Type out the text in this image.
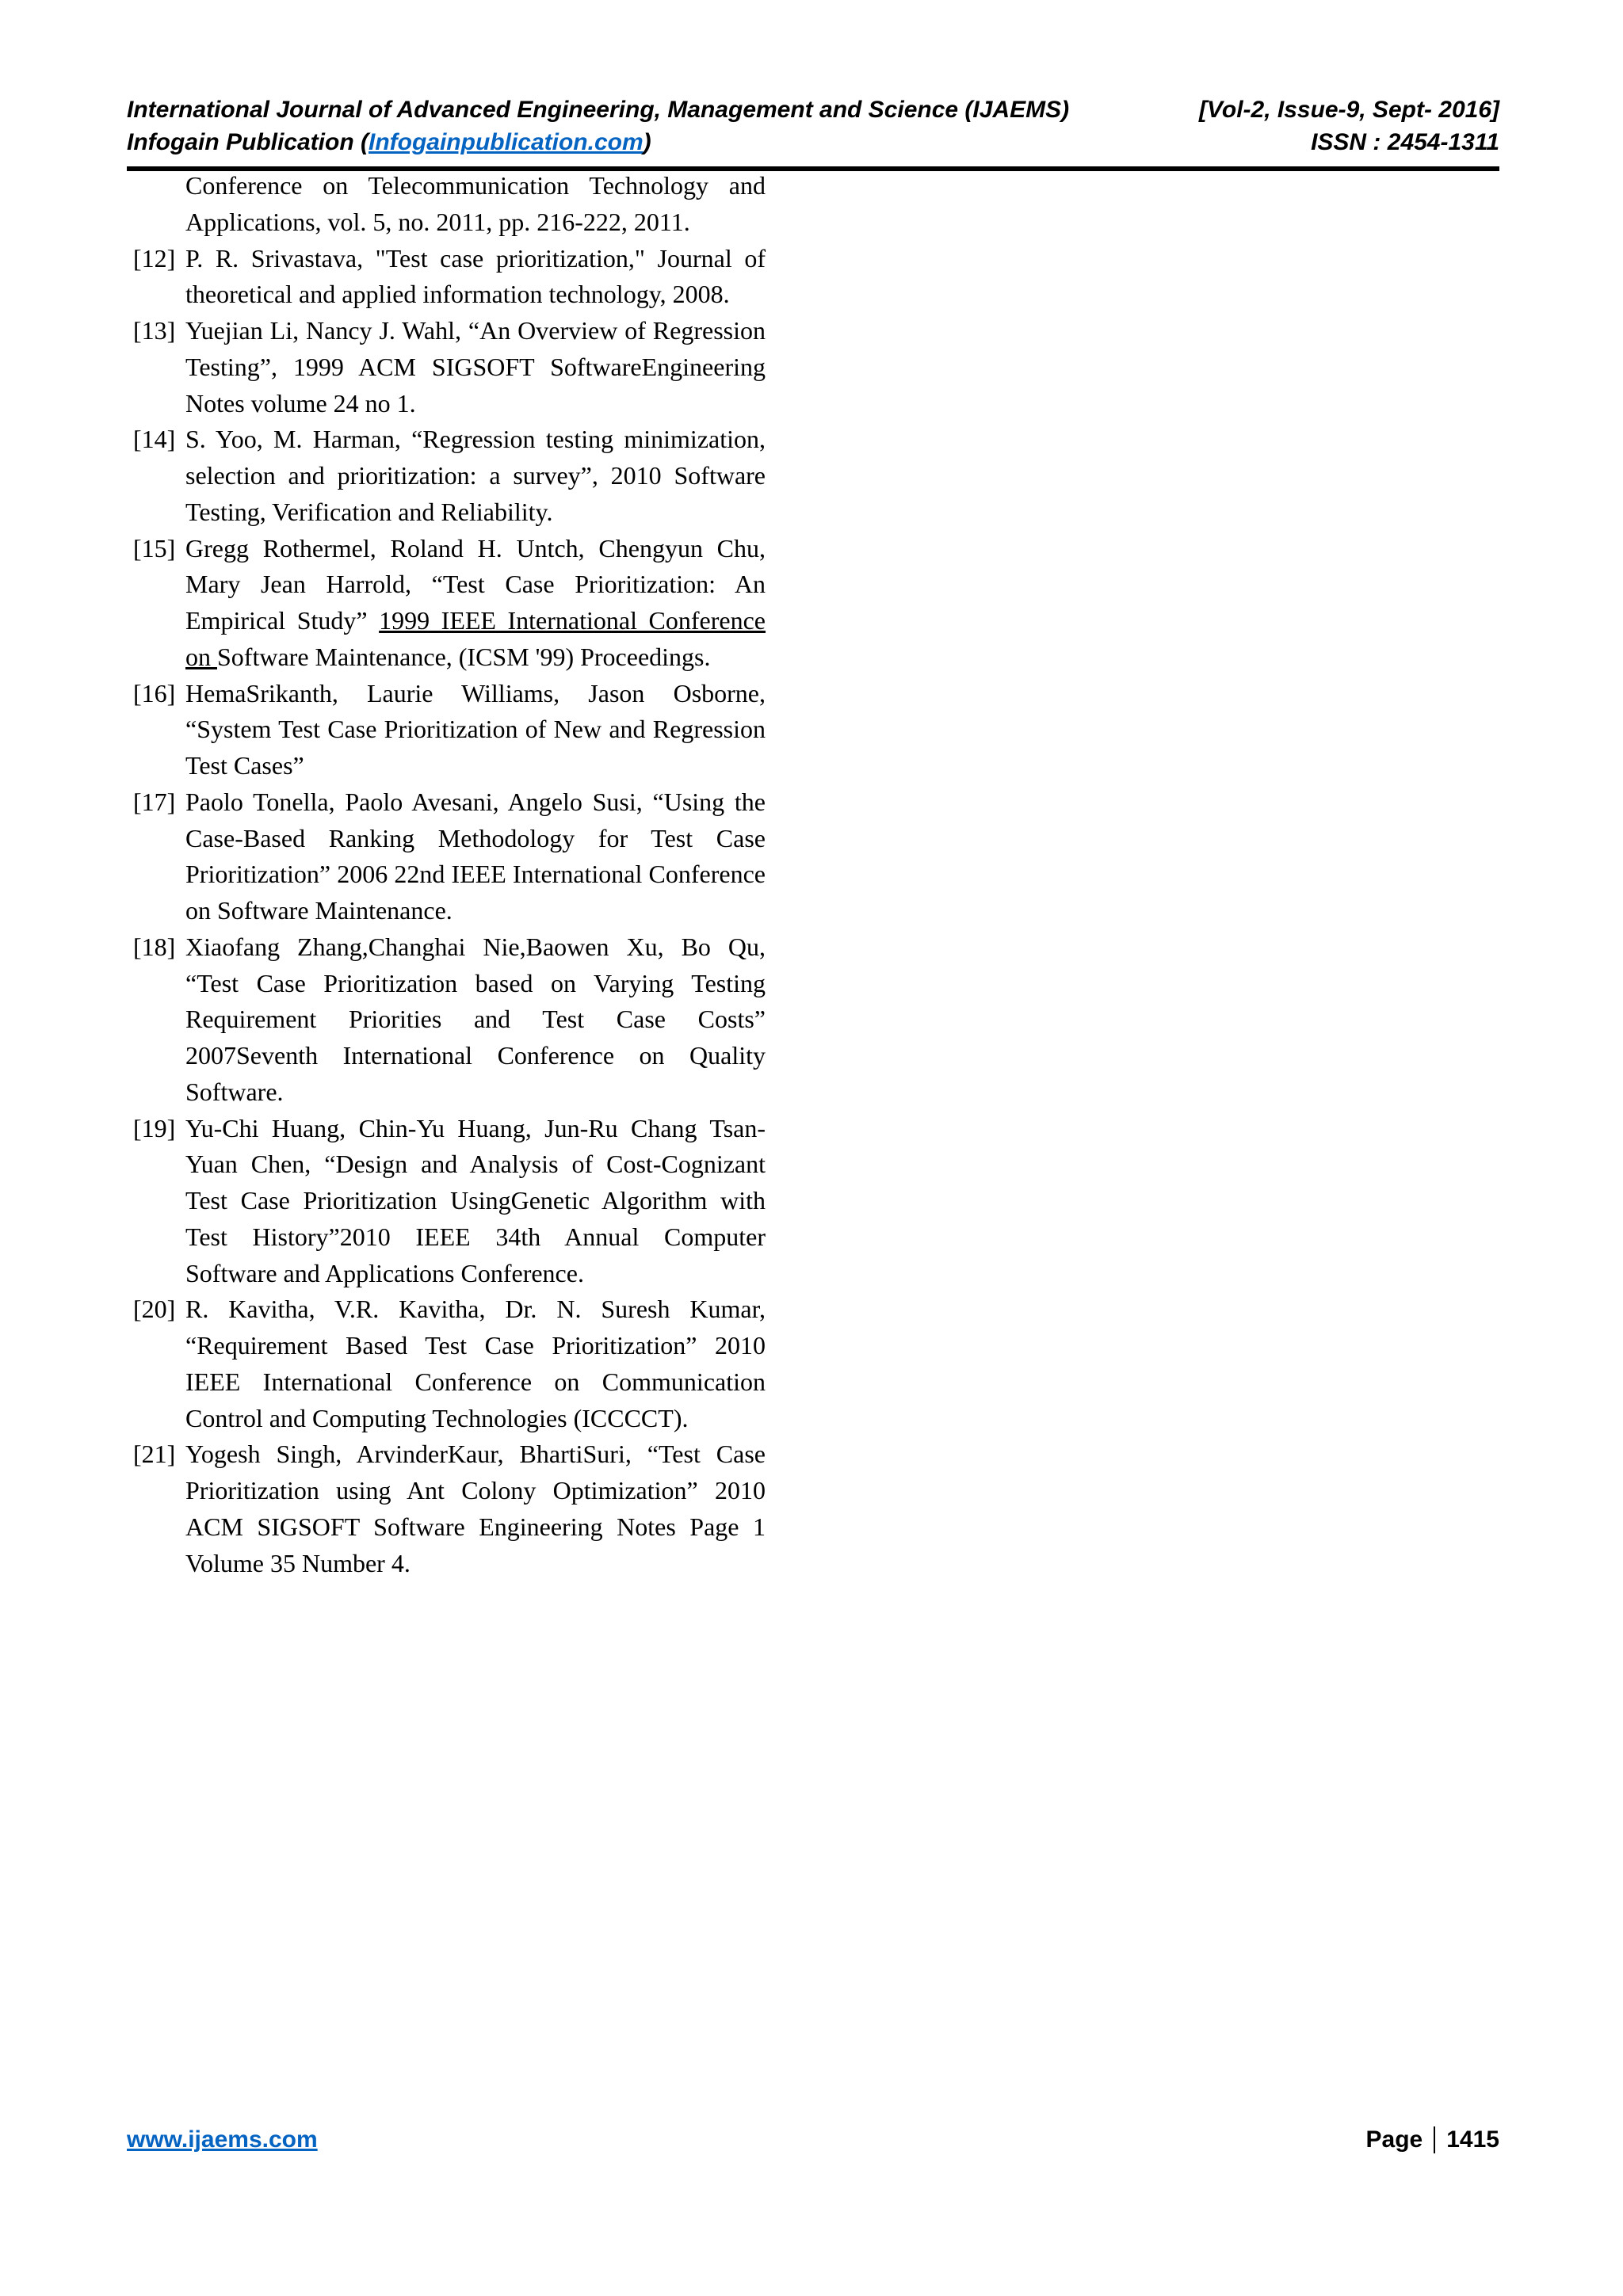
International Journal of Advanced Engineering, Management and Science (IJAEMS)	[Vol-2, Issue-9, Sept- 2016]
Infogain Publication (Infogainpublication.com)	ISSN : 2454-1311
Conference on Telecommunication Technology and Applications, vol. 5, no. 2011, pp. 216-222, 2011.
[12] P. R. Srivastava, "Test case prioritization," Journal of theoretical and applied information technology, 2008.
[13] Yuejian Li, Nancy J. Wahl, “An Overview of Regression Testing”, 1999 ACM SIGSOFT SoftwareEngineering Notes volume 24 no 1.
[14] S. Yoo, M. Harman, “Regression testing minimization, selection and prioritization: a survey”, 2010 Software Testing, Verification and Reliability.
[15] Gregg Rothermel, Roland H. Untch, Chengyun Chu, Mary Jean Harrold, “Test Case Prioritization: An Empirical Study” 1999 IEEE International Conference on Software Maintenance, (ICSM '99) Proceedings.
[16] HemaSrikanth, Laurie Williams, Jason Osborne, “System Test Case Prioritization of New and Regression Test Cases”
[17] Paolo Tonella, Paolo Avesani, Angelo Susi, “Using the Case-Based Ranking Methodology for Test Case Prioritization” 2006 22nd IEEE International Conference on Software Maintenance.
[18] Xiaofang Zhang,Changhai Nie,Baowen Xu, Bo Qu, “Test Case Prioritization based on Varying Testing Requirement Priorities and Test Case Costs” 2007Seventh International Conference on Quality Software.
[19] Yu-Chi Huang, Chin-Yu Huang, Jun-Ru Chang Tsan-Yuan Chen, “Design and Analysis of Cost-Cognizant Test Case Prioritization UsingGenetic Algorithm with Test History”2010 IEEE 34th Annual Computer Software and Applications Conference.
[20] R. Kavitha, V.R. Kavitha, Dr. N. Suresh Kumar, “Requirement Based Test Case Prioritization” 2010 IEEE International Conference on Communication Control and Computing Technologies (ICCCCT).
[21] Yogesh Singh, ArvinderKaur, BhartiSuri, “Test Case Prioritization using Ant Colony Optimization” 2010 ACM SIGSOFT Software Engineering Notes Page 1 Volume 35 Number 4.
www.ijaems.com	Page 1415
